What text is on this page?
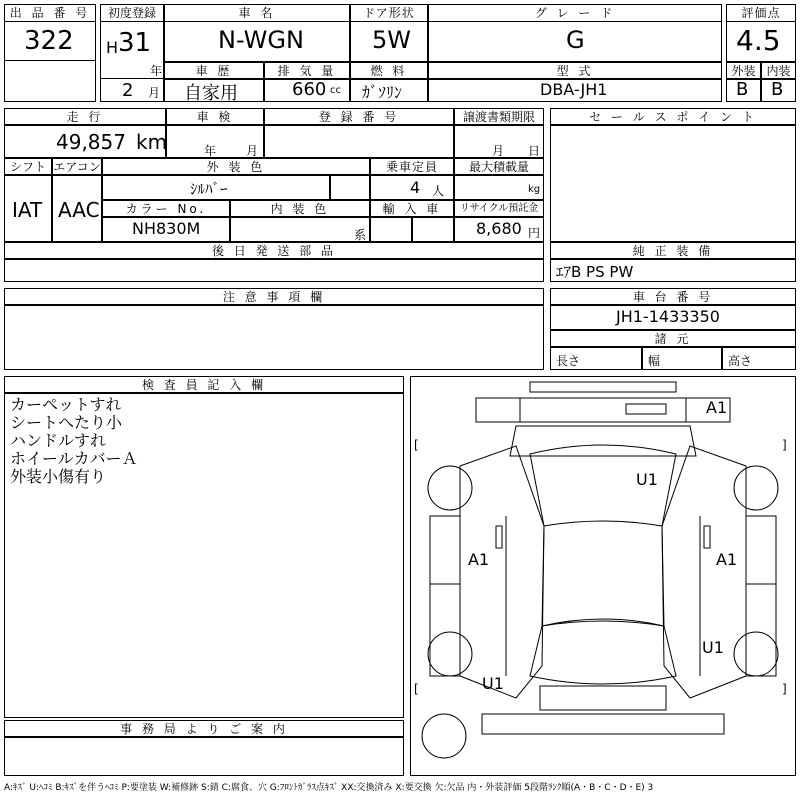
出 品 番 号
322
初度登録
H 31
年
2 月
車 名
N-WGN
ドア形状
5W
グ レ ー ド
G
評価点
4.5
車 歴
自家用
排 気 量
660 cc
燃 料
ｶﾞｿﾘﾝ
型 式
DBA-JH1
外装 内装
B B
走 行
49,857 km
車 検
年 月
登 録 番 号	譲渡書類期限
月 日
シフト エアコン
IAT AAC
外 装 色
ｼﾙﾊﾞｰ
乗車定員
4 人
最大積載量
kg
カラー No.
NH830M
内 装 色
系
輸 入 車	リサイクル預託金
8,680 円
セ ー ル ス ポ イ ン ト
後 日 発 送 部 品	純 正 装 備
ｴｱB PS PW
注 意 事 項 欄	車 台 番 号
JH1-1433350
諸 元
長さ	幅	高さ
検 査 員 記 入 欄
カーペットすれ
シートへたり小
ハンドルすれ
ホイールカバーＡ
外装小傷有り
事 務 局 よ り ご 案 内
A1
U1
A1	A1
U1
U1
[	]
[	]
A:ｷｽﾞ U:ﾍｺﾐ B:ｷｽﾞを伴うﾍｺﾐ P:要塗装 W:補修跡 S:錆 C:腐食、穴 G:ﾌﾛﾝﾄｶﾞﾗｽ点ｷｽﾞ XX:交換済み X:要交換 欠:欠品 内・外装評価 5段階ﾗﾝｸ順(A・B・C・D・E) 3
